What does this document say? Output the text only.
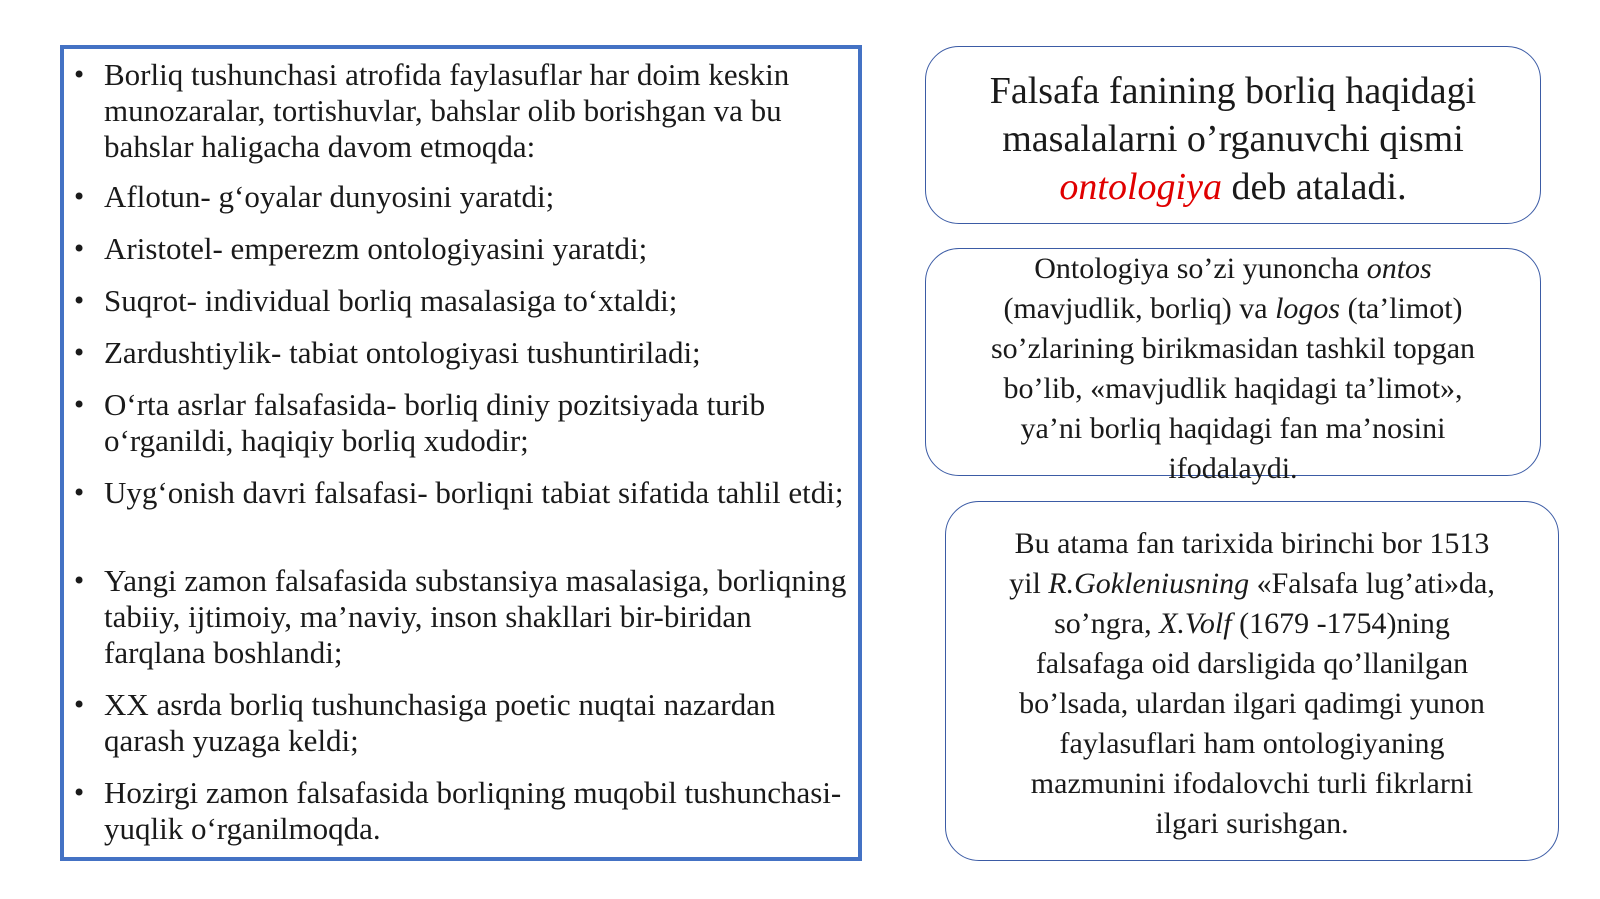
• Borliq tushunchasi atrofida faylasuflar har doim keskin munozaralar, tortishuvlar, bahslar olib borishgan va bu bahslar haligacha davom etmoqda:
• Aflotun- g‘oyalar dunyosini yaratdi;
• Aristotel- emperezm ontologiyasini yaratdi;
• Suqrot- individual borliq masalasiga to‘xtaldi;
• Zardushtiylik- tabiat ontologiyasi tushuntiriladi;
• O‘rta asrlar falsafasida- borliq diniy pozitsiyada turib o‘rganildi, haqiqiy borliq xudodir;
• Uyg‘onish davri falsafasi- borliqni tabiat sifatida tahlil etdi;
• Yangi zamon falsafasida substansiya masalasiga, borliqning tabiiy, ijtimoiy, ma’naviy, inson shakllari bir-biridan farqlana boshlandi;
• XX asrda borliq tushunchasiga poetic nuqtai nazardan qarash yuzaga keldi;
• Hozirgi zamon falsafasida borliqning muqobil tushunchasi-yuqlik o‘rganilmoqda.
Falsafa fanining borliq haqidagi
masalalarni o’rganuvchi qismi
ontologiya deb ataladi.
Ontologiya so’zi yunoncha ontos
(mavjudlik, borliq) va logos (ta’limot)
so’zlarining birikmasidan tashkil topgan
bo’lib, «mavjudlik haqidagi ta’limot»,
ya’ni borliq haqidagi fan ma’nosini
ifodalaydi.
Bu atama fan tarixida birinchi bor 1513
yil R.Gokleniusning «Falsafa lug’ati»da,
so’ngra, X.Volf (1679 -1754)ning
falsafaga oid darsligida qo’llanilgan
bo’lsada, ulardan ilgari qadimgi yunon
faylasuflari ham ontologiyaning
mazmunini ifodalovchi turli fikrlarni
ilgari surishgan.
